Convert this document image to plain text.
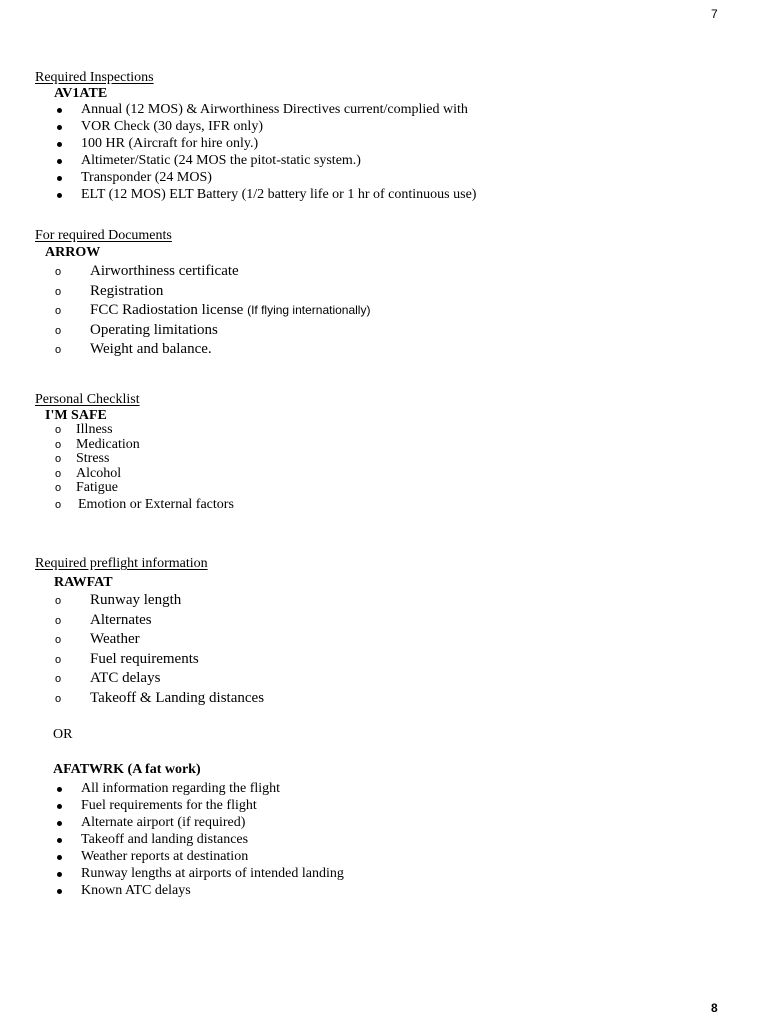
7
8
Required Inspections
AV1ATE
Annual (12 MOS) & Airworthiness Directives current/complied with
VOR Check (30 days, IFR only)
100 HR (Aircraft for hire only.)
Altimeter/Static (24 MOS the pitot-static system.)
Transponder (24 MOS)
ELT (12 MOS) ELT Battery (1/2 battery life or 1 hr of continuous use)
For required Documents
ARROW
o Airworthiness certificate
o Registration
o FCC Radiostation license (If flying internationally)
o Operating limitations
o Weight and balance.
Personal Checklist
I'M SAFE
o Illness
o Medication
o Stress
o Alcohol
o Fatigue
o Emotion or External factors
Required preflight information
RAWFAT
o Runway length
o Alternates
o Weather
o Fuel requirements
o ATC delays
o Takeoff & Landing distances
OR
AFATWRK (A fat work)
All information regarding the flight
Fuel requirements for the flight
Alternate airport (if required)
Takeoff and landing distances
Weather reports at destination
Runway lengths at airports of intended landing
Known ATC delays
